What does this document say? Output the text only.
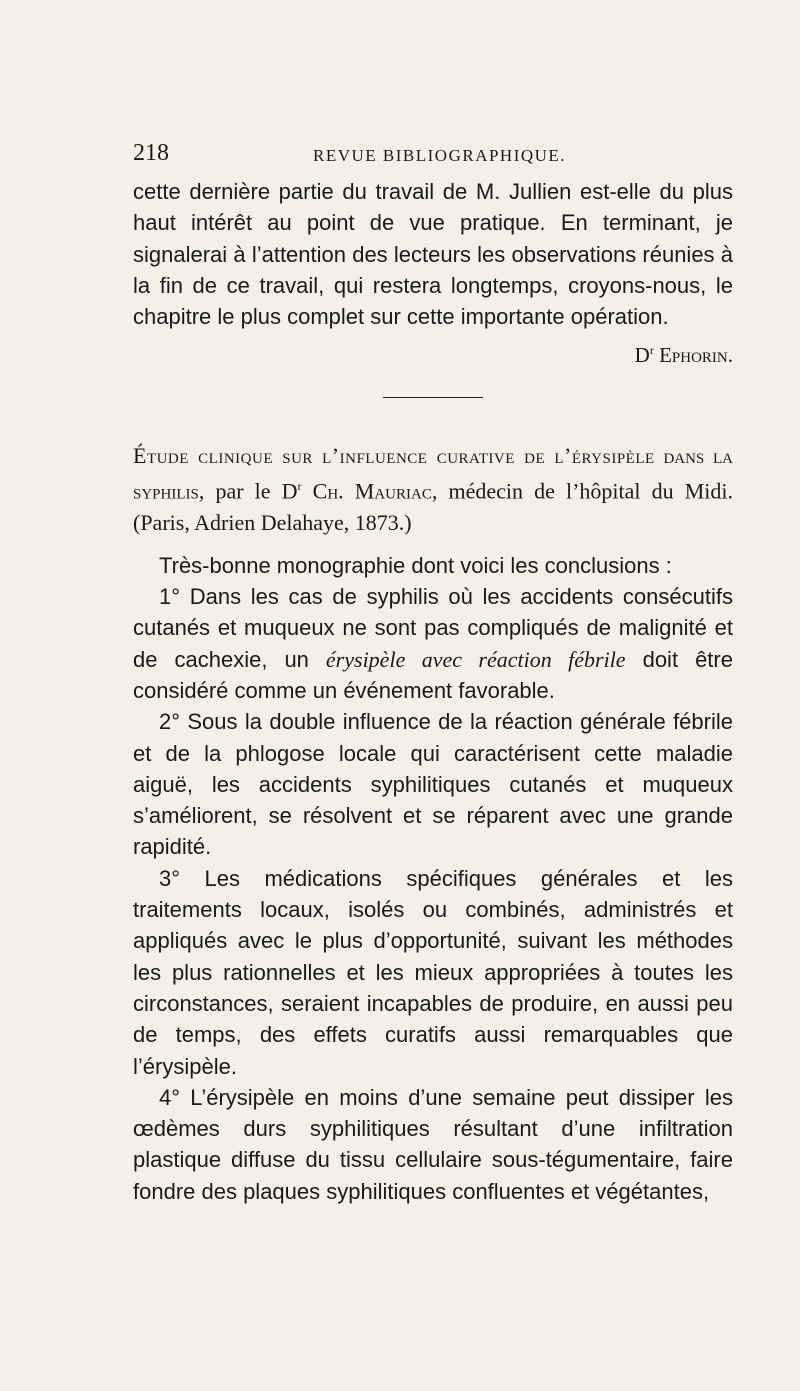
218	REVUE BIBLIOGRAPHIQUE.

cette dernière partie du travail de M. Jullien est-elle du plus haut intérêt au point de vue pratique. En terminant, je signalerai à l’attention des lecteurs les observations réunies à la fin de ce travail, qui restera longtemps, croyons-nous, le chapitre le plus complet sur cette importante opération.

$D^r$ Ephorin.

Étude clinique sur l’influence curative de l’érysipèle dans la syphilis, par le $D^r$ Ch. Mauriac, médecin de l’hôpital du Midi. (Paris, Adrien Delahaye, 1873.)

Très-bonne monographie dont voici les conclusions :

1° Dans les cas de syphilis où les accidents consécutifs cutanés et muqueux ne sont pas compliqués de malignité et de cachexie, un érysipèle avec réaction fébrile doit être considéré comme un événement favorable.

2° Sous la double influence de la réaction générale fébrile et de la phlogose locale qui caractérisent cette maladie aiguë, les accidents syphilitiques cutanés et muqueux s’améliorent, se résolvent et se réparent avec une grande rapidité.

3° Les médications spécifiques générales et les traitements locaux, isolés ou combinés, administrés et appliqués avec le plus d’opportunité, suivant les méthodes les plus rationnelles et les mieux appropriées à toutes les circonstances, seraient incapables de produire, en aussi peu de temps, des effets curatifs aussi remarquables que l’érysipèle.

4° L’érysipèle en moins d’une semaine peut dissiper les œdèmes durs syphilitiques résultant d’une infiltration plastique diffuse du tissu cellulaire sous-tégumentaire, faire fondre des plaques syphilitiques confluentes et végétantes,
